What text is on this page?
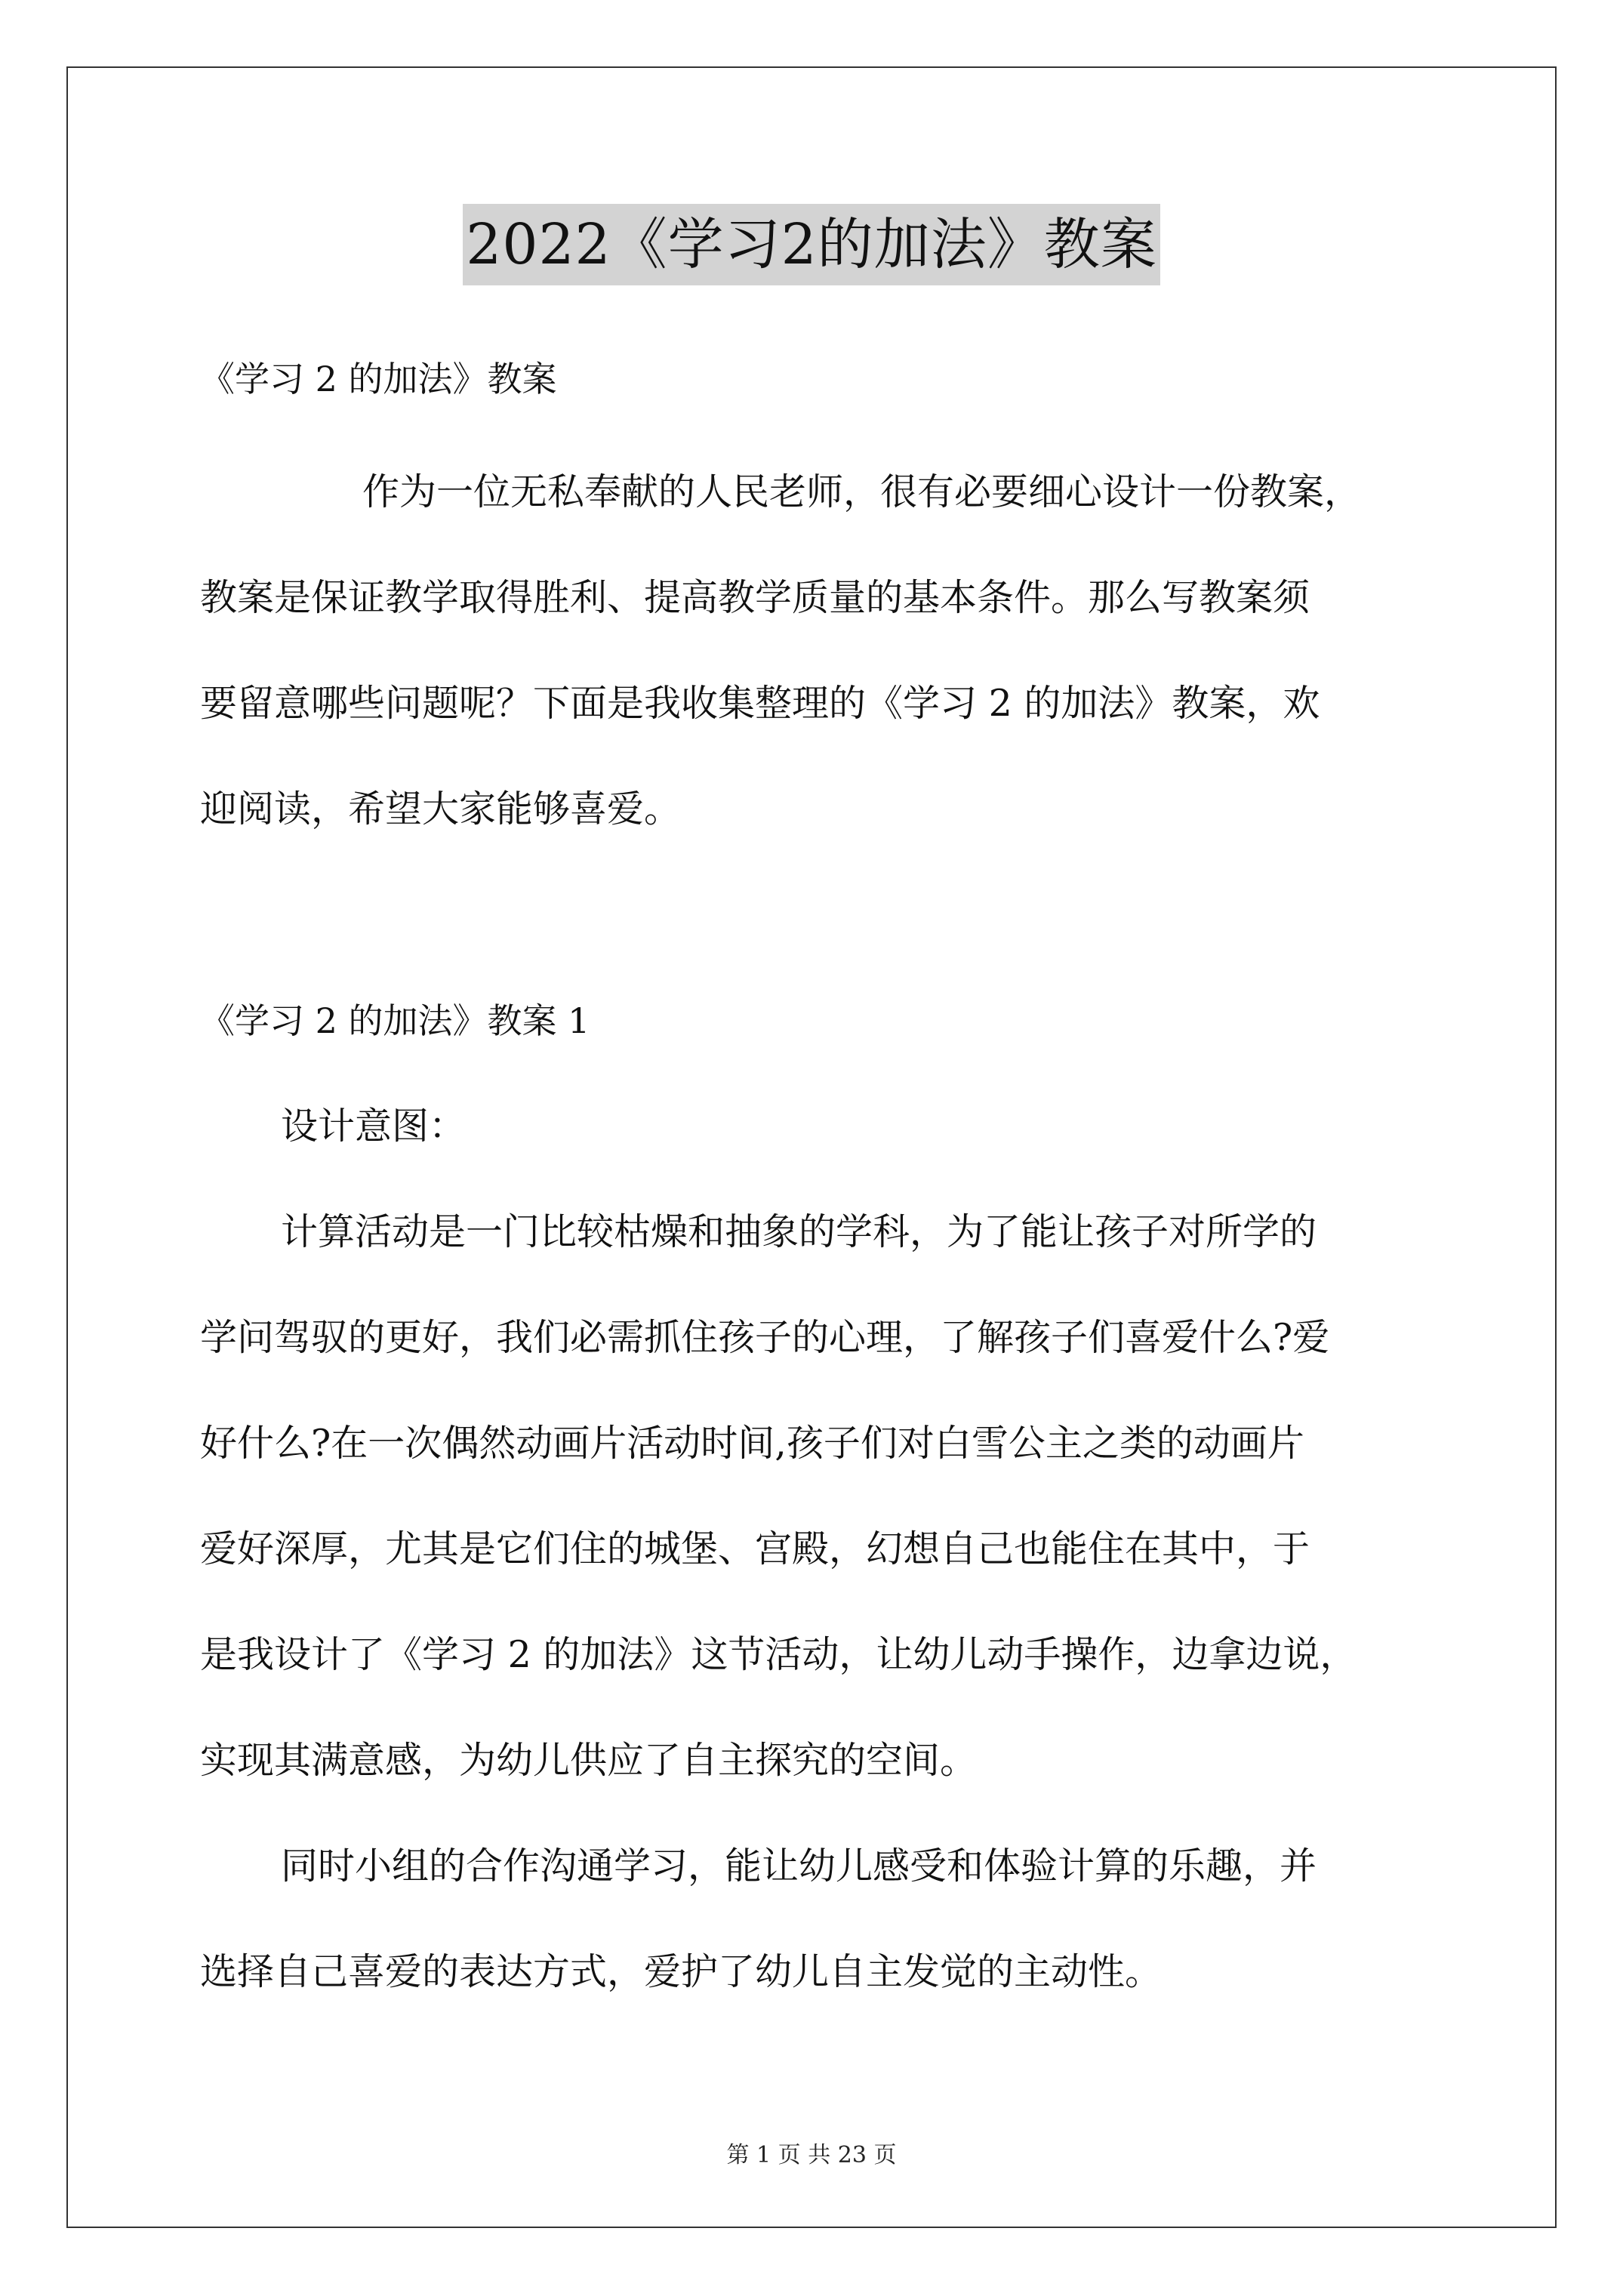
2022《学习2的加法》教案
《学习 2 的加法》教案
作为一位无私奉献的人民老师，很有必要细心设计一份教案，
教案是保证教学取得胜利、提高教学质量的基本条件。那么写教案须
要留意哪些问题呢？下面是我收集整理的《学习 2 的加法》教案，欢
迎阅读，希望大家能够喜爱。
《学习 2 的加法》教案 1
设计意图：
计算活动是一门比较枯燥和抽象的学科，为了能让孩子对所学的
学问驾驭的更好，我们必需抓住孩子的心理，了解孩子们喜爱什么?爱
好什么?在一次偶然动画片活动时间,孩子们对白雪公主之类的动画片
爱好深厚，尤其是它们住的城堡、宫殿，幻想自己也能住在其中，于
是我设计了《学习 2 的加法》这节活动，让幼儿动手操作，边拿边说，
实现其满意感，为幼儿供应了自主探究的空间。
同时小组的合作沟通学习，能让幼儿感受和体验计算的乐趣，并
选择自己喜爱的表达方式，爱护了幼儿自主发觉的主动性。
第 1 页 共 23 页
